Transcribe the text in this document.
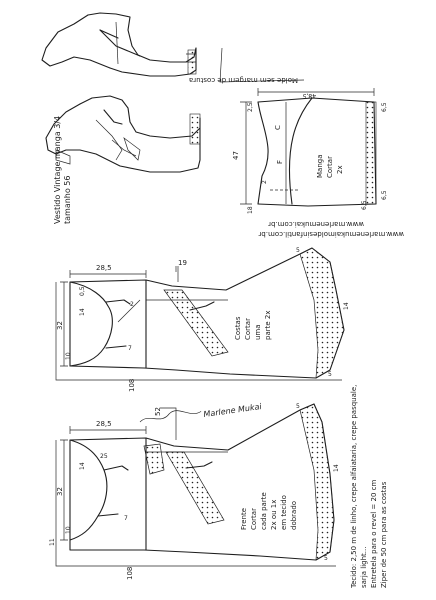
Vestido Vintage manga 3/4 tamanho 56
www.marlenemukaimoldesinfantil.com.br
www.marlenemukai.com.br
Molde sem margem de costura
48,5
47
2,5
C
F
2
18
6,5
6,5
6,5
Manga Cortar 2x
28,5
19
32
14
0,5
10
2
7
108
14
5
5
Costas Cortar uma parte 2x
Marlene Mukai
28,5
52
25
32
14
10
11
7
108
14
5
5
Frente Cortar cada parte 2x ou 1x em tecido dobrado	Tecido: 2,50 m de linho, crepe alfaiataria, crepe pasquale, sarja light... Entretela para o revel = 20 cm Ziper de 50 cm para as costas
